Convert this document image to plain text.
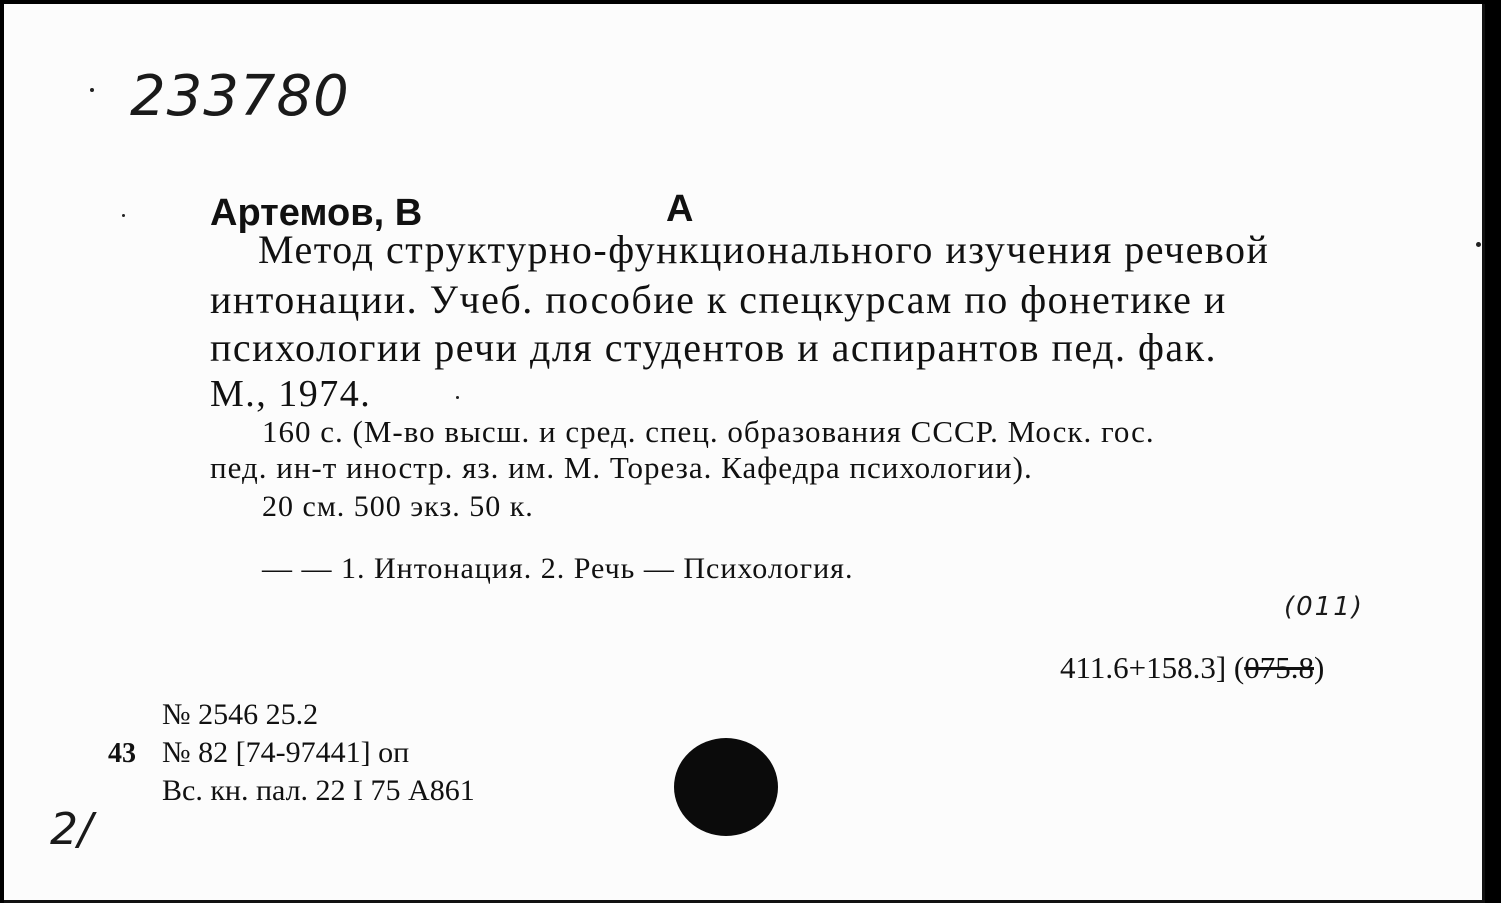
233780
Артемов, В	А
Метод структурно-функционального изучения речевой
интонации. Учеб. пособие к спецкурсам по фонетике и
психологии речи для студентов и аспирантов пед. фак.
М., 1974.
160 с. (М-во высш. и сред. спец. образования СССР. Моск. гос.
пед. ин-т иностр. яз. им. М. Тореза. Кафедра психологии).
20 см. 500 экз. 50 к.
— — 1. Интонация. 2. Речь — Психология.
(011)
411.6+158.3] (075.8)
43
№ 2546 25.2
№ 82 [74-97441] оп
Вс. кн. пал. 22 I 75 А861
2/
